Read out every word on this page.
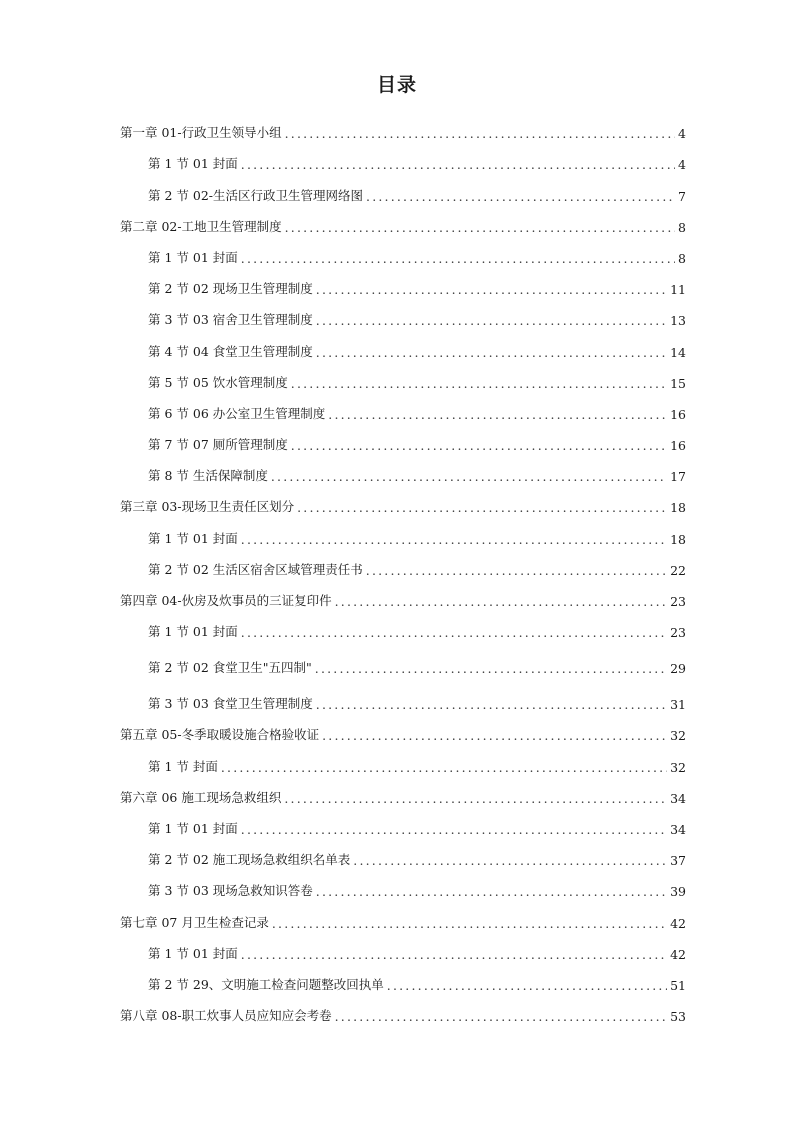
目录
第一章 01-行政卫生领导小组 .....	4
第 1 节 01 封面 .....	4
第 2 节 02-生活区行政卫生管理网络图 .....	7
第二章 02-工地卫生管理制度 .....	8
第 1 节 01 封面 .....	8
第 2 节 02 现场卫生管理制度 .....	11
第 3 节 03 宿舍卫生管理制度 .....	13
第 4 节 04 食堂卫生管理制度 .....	14
第 5 节 05 饮水管理制度 .....	15
第 6 节 06 办公室卫生管理制度 .....	16
第 7 节 07 厕所管理制度 .....	16
第 8 节 生活保障制度 .....	17
第三章 03-现场卫生责任区划分 .....	18
第 1 节 01 封面 .....	18
第 2 节 02 生活区宿舍区域管理责任书 .....	22
第四章 04-伙房及炊事员的三证复印件 .....	23
第 1 节 01 封面 .....	23
第 2 节 02 食堂卫生"五四制" .....	29
第 3 节 03 食堂卫生管理制度 .....	31
第五章 05-冬季取暖设施合格验收证 .....	32
第 1 节 封面 .....	32
第六章 06 施工现场急救组织 .....	34
第 1 节 01 封面 .....	34
第 2 节 02 施工现场急救组织名单表 .....	37
第 3 节 03 现场急救知识答卷 .....	39
第七章 07 月卫生检查记录 .....	42
第 1 节 01 封面 .....	42
第 2 节 29、文明施工检查问题整改回执单 .....	51
第八章 08-职工炊事人员应知应会考卷 .....	53
